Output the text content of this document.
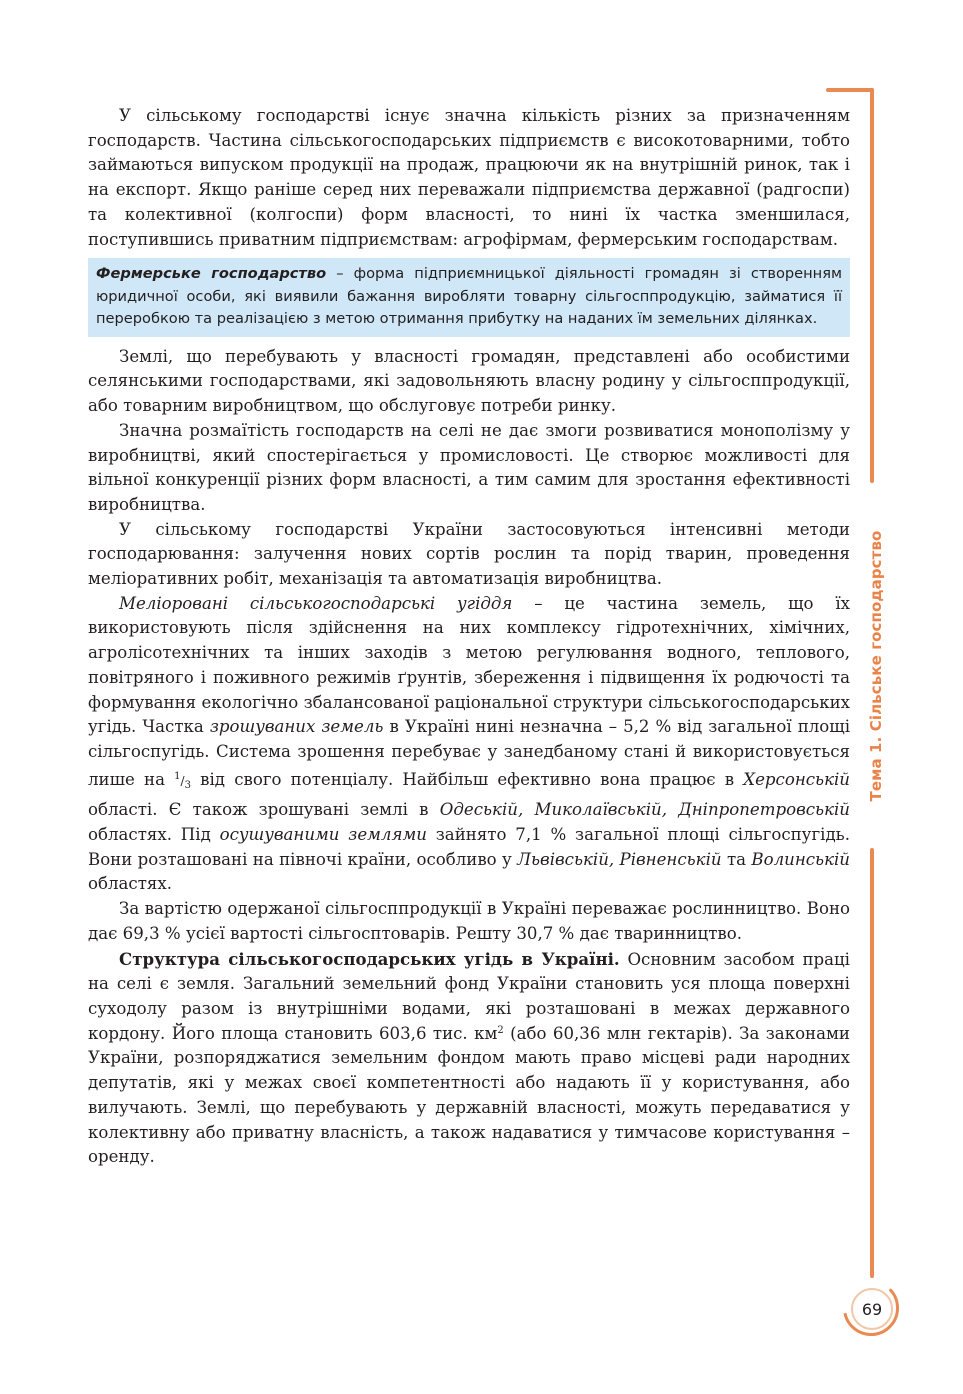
Тема 1. Сільське господарство
69

У сільському господарстві існує значна кількість різних за призначенням господарств. Частина сільськогосподарських підприємств є високотоварними, тобто займаються випуском продукції на продаж, працюючи як на внутрішній ринок, так і на експорт. Якщо раніше серед них переважали підприємства державної (радгоспи) та колективної (колгоспи) форм власності, то нині їх частка зменшилася, поступившись приватним підприємствам: агрофірмам, фермерським господарствам.

Фермерське господарство – форма підприємницької діяльності громадян зі створенням юридичної особи, які виявили бажання виробляти товарну сільгосппродукцію, займатися її переробкою та реалізацією з метою отримання прибутку на наданих їм земельних ділянках.

Землі, що перебувають у власності громадян, представлені або особистими селянськими господарствами, які задовольняють власну родину у сільгосппродукції, або товарним виробництвом, що обслуговує потреби ринку.

Значна розмаїтість господарств на селі не дає змоги розвиватися монополізму у виробництві, який спостерігається у промисловості. Це створює можливості для вільної конкуренції різних форм власності, а тим самим для зростання ефективності виробництва.

У сільському господарстві України застосовуються інтенсивні методи господарювання: залучення нових сортів рослин та порід тварин, проведення меліоративних робіт, механізація та автоматизація виробництва.

Меліоровані сільськогосподарські угіддя – це частина земель, що їх використовують після здійснення на них комплексу гідротехнічних, хімічних, агролісотехнічних та інших заходів з метою регулювання водного, теплового, повітряного і поживного режимів ґрунтів, збереження і підвищення їх родючості та формування екологічно збалансованої раціональної структури сільськогосподарських угідь. Частка зрошуваних земель в Україні нині незначна – 5,2 % від загальної площі сільгоспугідь. Система зрошення перебуває у занедбаному стані й використовується лише на $^1/_3$ від свого потенціалу. Найбільш ефективно вона працює в Херсонській області. Є також зрошувані землі в Одеській, Миколаївській, Дніпропетровській областях. Під осушуваними землями зайнято 7,1 % загальної площі сільгоспугідь. Вони розташовані на півночі країни, особливо у Львівській, Рівненській та Волинській областях.

За вартістю одержаної сільгосппродукції в Україні переважає рослинництво. Воно дає 69,3 % усієї вартості сільгосптоварів. Решту 30,7 % дає тваринництво.

Структура сільськогосподарських угідь в Україні. Основним засобом праці на селі є земля. Загальний земельний фонд України становить уся площа поверхні суходолу разом із внутрішніми водами, які розташовані в межах державного кордону. Його площа становить 603,6 тис. $км^2$ (або 60,36 млн гектарів). За законами України, розпоряджатися земельним фондом мають право місцеві ради народних депутатів, які у межах своєї компетентності або надають її у користування, або вилучають. Землі, що перебувають у державній власності, можуть передаватися у колективну або приватну власність, а також надаватися у тимчасове користування – оренду.
